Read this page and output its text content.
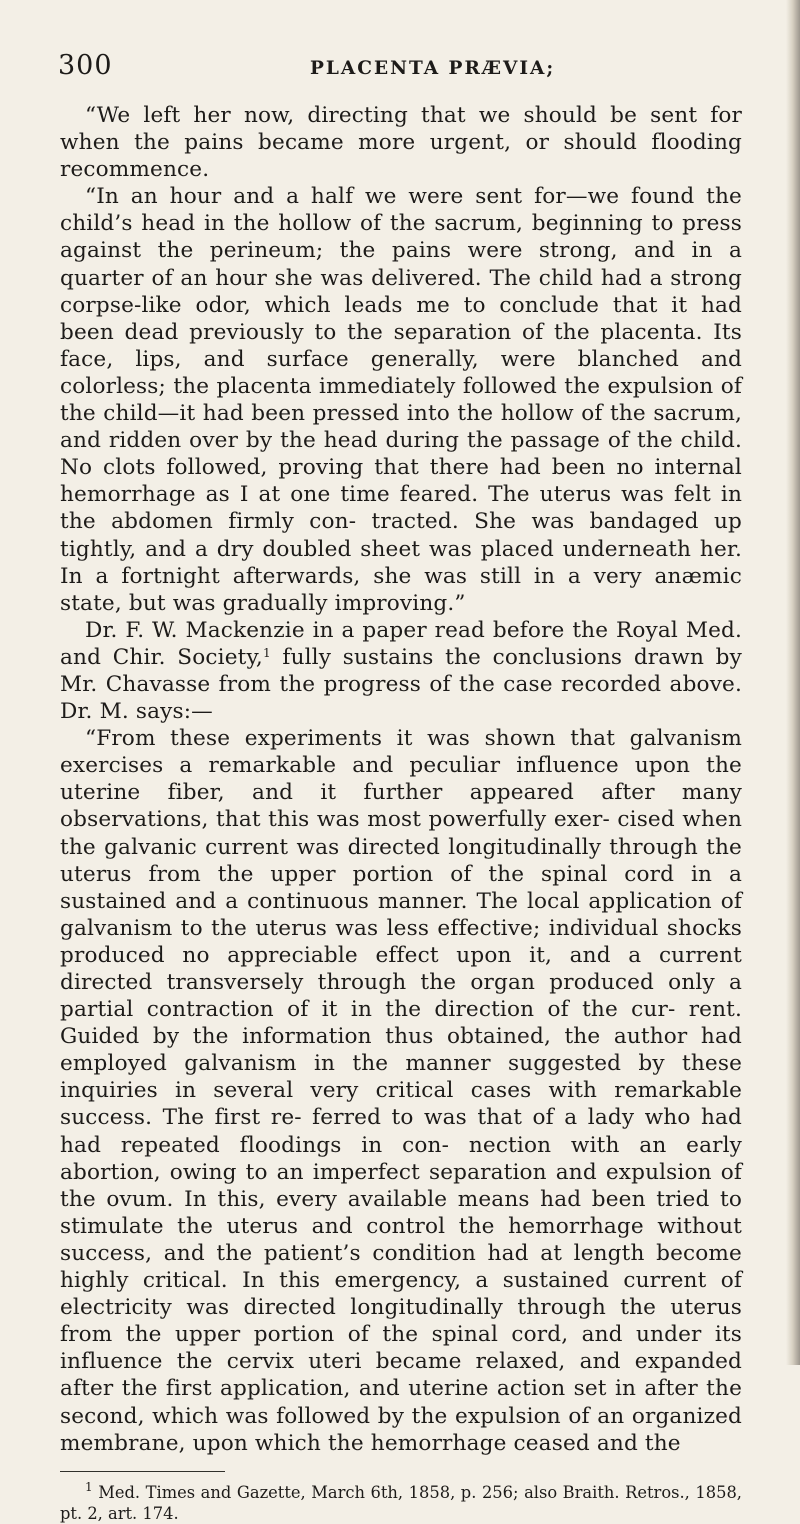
300	PLACENTA PRÆVIA;

“We left her now, directing that we should be sent for when the pains became more urgent, or should flooding recommence.

“In an hour and a half we were sent for—we found the child’s head in the hollow of the sacrum, beginning to press against the perineum; the pains were strong, and in a quarter of an hour she was delivered. The child had a strong corpse-like odor, which leads me to conclude that it had been dead previously to the separation of the placenta. Its face, lips, and surface generally, were blanched and colorless; the placenta immediately followed the expulsion of the child—it had been pressed into the hollow of the sacrum, and ridden over by the head during the passage of the child. No clots followed, proving that there had been no internal hemorrhage as I at one time feared. The uterus was felt in the abdomen firmly con- tracted. She was bandaged up tightly, and a dry doubled sheet was placed underneath her. In a fortnight afterwards, she was still in a very anæmic state, but was gradually improving.”

Dr. F. W. Mackenzie in a paper read before the Royal Med. and Chir. Society,$^1$ fully sustains the conclusions drawn by Mr. Chavasse from the progress of the case recorded above. Dr. M. says:—

“From these experiments it was shown that galvanism exercises a remarkable and peculiar influence upon the uterine fiber, and it further appeared after many observations, that this was most powerfully exer- cised when the galvanic current was directed longitudinally through the uterus from the upper portion of the spinal cord in a sustained and a continuous manner. The local application of galvanism to the uterus was less effective; individual shocks produced no appreciable effect upon it, and a current directed transversely through the organ produced only a partial contraction of it in the direction of the cur- rent. Guided by the information thus obtained, the author had employed galvanism in the manner suggested by these inquiries in several very critical cases with remarkable success. The first re- ferred to was that of a lady who had had repeated floodings in con- nection with an early abortion, owing to an imperfect separation and expulsion of the ovum. In this, every available means had been tried to stimulate the uterus and control the hemorrhage without success, and the patient’s condition had at length become highly critical. In this emergency, a sustained current of electricity was directed longitudinally through the uterus from the upper portion of the spinal cord, and under its influence the cervix uteri became relaxed, and expanded after the first application, and uterine action set in after the second, which was followed by the expulsion of an organized membrane, upon which the hemorrhage ceased and the

$^1$ Med. Times and Gazette, March 6th, 1858, p. 256; also Braith. Retros., 1858, pt. 2, art. 174.
